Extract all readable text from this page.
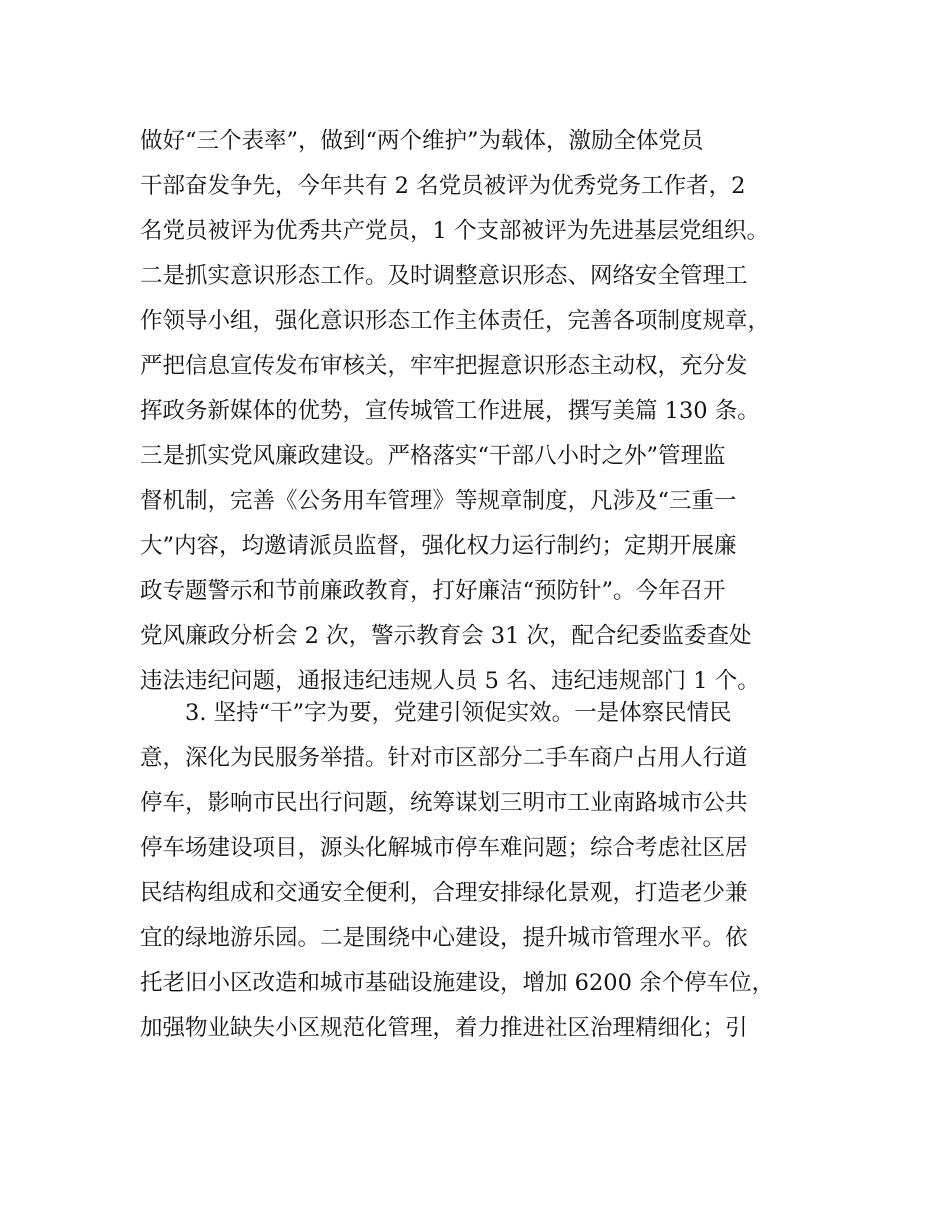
做好“三个表率”，做到“两个维护”为载体，激励全体党员
干部奋发争先，今年共有 2 名党员被评为优秀党务工作者，2
名党员被评为优秀共产党员，1 个支部被评为先进基层党组织。
二是抓实意识形态工作。及时调整意识形态、网络安全管理工
作领导小组，强化意识形态工作主体责任，完善各项制度规章，
严把信息宣传发布审核关，牢牢把握意识形态主动权，充分发
挥政务新媒体的优势，宣传城管工作进展，撰写美篇 130 条。
三是抓实党风廉政建设。严格落实“干部八小时之外”管理监
督机制，完善《公务用车管理》等规章制度，凡涉及“三重一
大”内容，均邀请派员监督，强化权力运行制约；定期开展廉
政专题警示和节前廉政教育，打好廉洁“预防针”。今年召开
党风廉政分析会 2 次，警示教育会 31 次，配合纪委监委查处
违法违纪问题，通报违纪违规人员 5 名、违纪违规部门 1 个。
　　3. 坚持“干”字为要，党建引领促实效。一是体察民情民
意，深化为民服务举措。针对市区部分二手车商户占用人行道
停车，影响市民出行问题，统筹谋划三明市工业南路城市公共
停车场建设项目，源头化解城市停车难问题；综合考虑社区居
民结构组成和交通安全便利，合理安排绿化景观，打造老少兼
宜的绿地游乐园。二是围绕中心建设，提升城市管理水平。依
托老旧小区改造和城市基础设施建设，增加 6200 余个停车位，
加强物业缺失小区规范化管理，着力推进社区治理精细化；引
